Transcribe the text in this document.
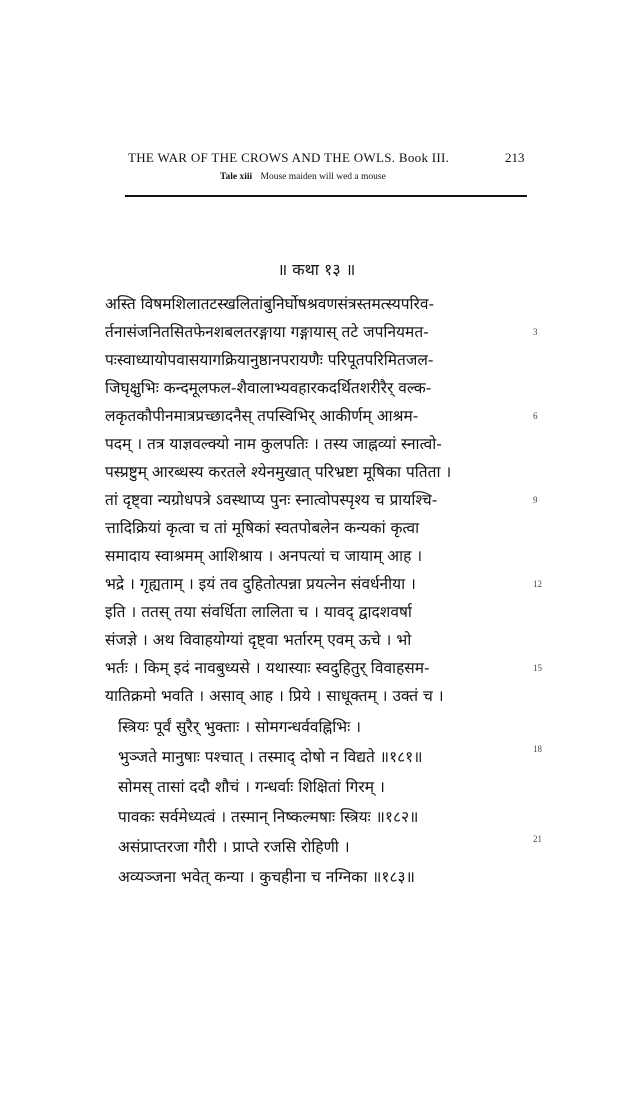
THE WAR OF THE CROWS AND THE OWLS. Book III.	213
Tale xiii Mouse maiden will wed a mouse
॥ कथा १३ ॥
अस्ति विषमशिलातटस्खलितांबुनिर्घोषश्रवणसंत्रस्तमत्स्यपरिव-
र्तनासंजनितसितफेनशबलतरङ्गाया गङ्गायास् तटे जपनियमत-
पःस्वाध्यायोपवासयागक्रियानुष्ठानपरायणैः परिपूतपरिमितजल-
जिघृक्षुभिः कन्दमूलफल-शैवालाभ्यवहारकदर्थितशरीरैर् वल्क-
लकृतकौपीनमात्रप्रच्छादनैस् तपस्विभिर् आकीर्णम् आश्रम-
पदम् । तत्र याज्ञवल्क्यो नाम कुलपतिः । तस्य जाह्नव्यां स्नात्वो-
पस्प्रष्टुम् आरब्धस्य करतले श्येनमुखात् परिभ्रष्टा मूषिका पतिता ।
तां दृष्ट्वा न्यग्रोधपत्रे ऽवस्थाप्य पुनः स्नात्वोपस्पृश्य च प्रायश्चि-
त्तादिक्रियां कृत्वा च तां मूषिकां स्वतपोबलेन कन्यकां कृत्वा
समादाय स्वाश्रमम् आशिश्राय । अनपत्यां च जायाम् आह ।
भद्रे । गृह्यताम् । इयं तव दुहितोत्पन्ना प्रयत्नेन संवर्धनीया ।
इति । ततस् तया संवर्धिता लालिता च । यावद् द्वादशवर्षा
संजज्ञे । अथ विवाहयोग्यां दृष्ट्वा भर्तारम् एवम् ऊचे । भो
भर्तः । किम् इदं नावबुध्यसे । यथास्याः स्वदुहितुर् विवाहसम-
यातिक्रमो भवति । असाव् आह । प्रिये । साधूक्तम् । उक्तं च ।
स्त्रियः पूर्वं सुरैर् भुक्ताः । सोमगन्धर्ववह्निभिः ।
भुञ्जते मानुषाः पश्चात् । तस्माद् दोषो न विद्यते ॥१८१॥
सोमस् तासां ददौ शौचं । गन्धर्वाः शिक्षितां गिरम् ।
पावकः सर्वमेध्यत्वं । तस्मान् निष्कल्मषाः स्त्रियः ॥१८२॥
असंप्राप्तरजा गौरी । प्राप्ते रजसि रोहिणी ।
अव्यञ्जना भवेत् कन्या । कुचहीना च नग्निका ॥१८३॥
3
6
9
12
15
18
21
